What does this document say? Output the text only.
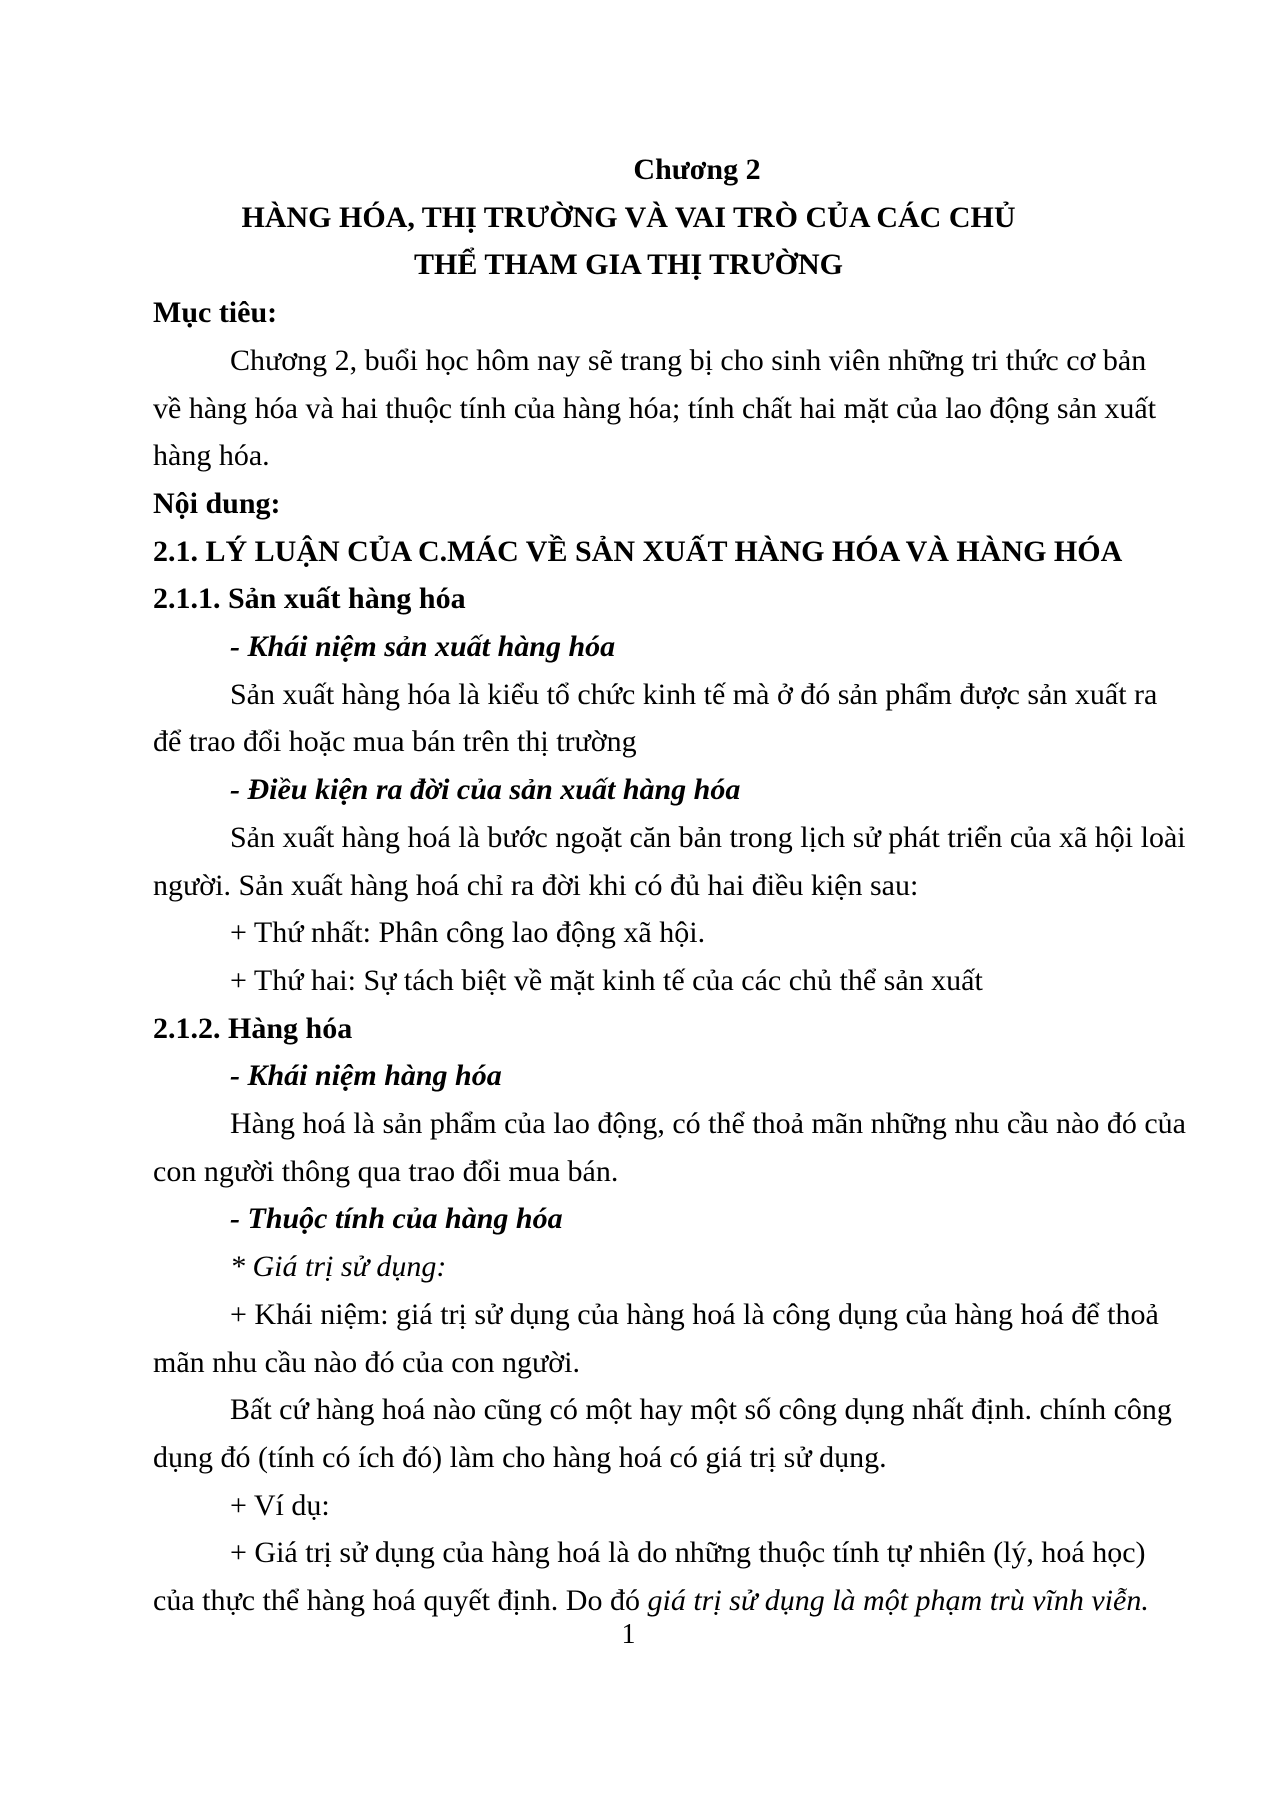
Chương 2
HÀNG HÓA, THỊ TRƯỜNG VÀ VAI TRÒ CỦA CÁC CHỦ
THỂ THAM GIA THỊ TRƯỜNG
Mục tiêu:
Chương 2, buổi học hôm nay sẽ trang bị cho sinh viên những tri thức cơ bản
về hàng hóa và hai thuộc tính của hàng hóa; tính chất hai mặt của lao động sản xuất
hàng hóa.
Nội dung:
2.1. LÝ LUẬN CỦA C.MÁC VỀ SẢN XUẤT HÀNG HÓA VÀ HÀNG HÓA
2.1.1. Sản xuất hàng hóa
- Khái niệm sản xuất hàng hóa
Sản xuất hàng hóa là kiểu tổ chức kinh tế mà ở đó sản phẩm được sản xuất ra
để trao đổi hoặc mua bán trên thị trường
- Điều kiện ra đời của sản xuất hàng hóa
Sản xuất hàng hoá là bước ngoặt căn bản trong lịch sử phát triển của xã hội loài
người. Sản xuất hàng hoá chỉ ra đời khi có đủ hai điều kiện sau:
+ Thứ nhất: Phân công lao động xã hội.
+ Thứ hai: Sự tách biệt về mặt kinh tế của các chủ thể sản xuất
2.1.2. Hàng hóa
- Khái niệm hàng hóa
Hàng hoá là sản phẩm của lao động, có thể thoả mãn những nhu cầu nào đó của
con người thông qua trao đổi mua bán.
- Thuộc tính của hàng hóa
* Giá trị sử dụng:
+ Khái niệm: giá trị sử dụng của hàng hoá là công dụng của hàng hoá để thoả
mãn nhu cầu nào đó của con người.
Bất cứ hàng hoá nào cũng có một hay một số công dụng nhất định. chính công
dụng đó (tính có ích đó) làm cho hàng hoá có giá trị sử dụng.
+ Ví dụ:
+ Giá trị sử dụng của hàng hoá là do những thuộc tính tự nhiên (lý, hoá học)
của thực thể hàng hoá quyết định. Do đó giá trị sử dụng là một phạm trù vĩnh viễn.
1
